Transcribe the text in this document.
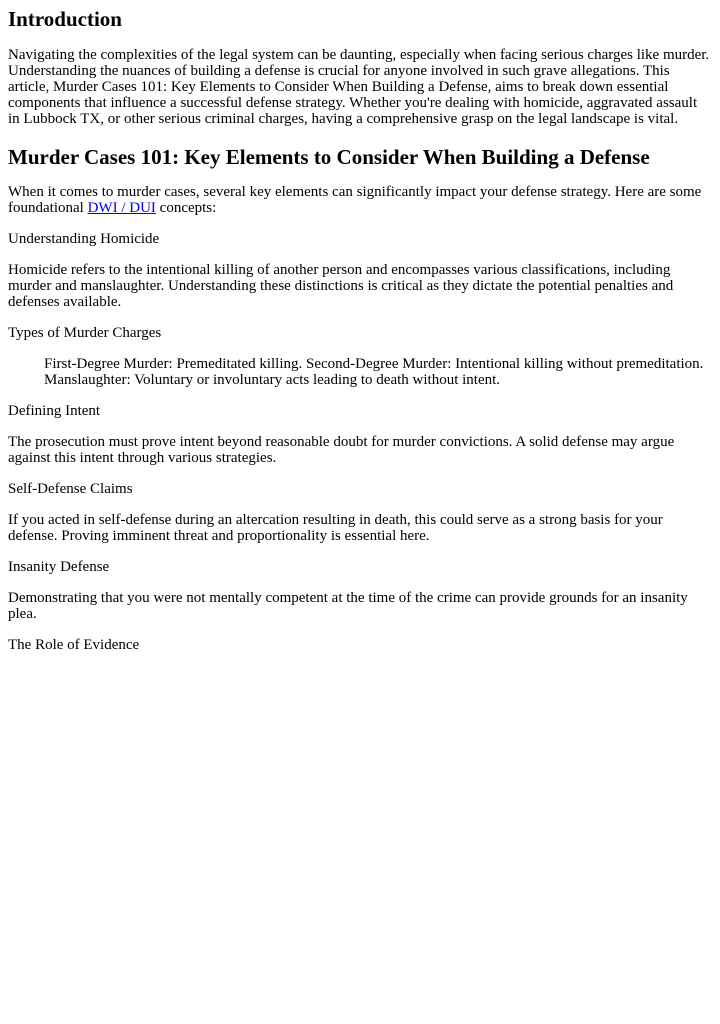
Introduction

Navigating the complexities of the legal system can be daunting, especially when facing serious charges like murder. Understanding the nuances of building a defense is crucial for anyone involved in such grave allegations. This article, Murder Cases 101: Key Elements to Consider When Building a Defense, aims to break down essential components that influence a successful defense strategy. Whether you're dealing with homicide, aggravated assault in Lubbock TX, or other serious criminal charges, having a comprehensive grasp on the legal landscape is vital.

Murder Cases 101: Key Elements to Consider When Building a Defense

When it comes to murder cases, several key elements can significantly impact your defense strategy. Here are some foundational DWI / DUI concepts:

Understanding Homicide

Homicide refers to the intentional killing of another person and encompasses various classifications, including murder and manslaughter. Understanding these distinctions is critical as they dictate the potential penalties and defenses available.

Types of Murder Charges

First-Degree Murder: Premeditated killing. Second-Degree Murder: Intentional killing without premeditation. Manslaughter: Voluntary or involuntary acts leading to death without intent.

Defining Intent

The prosecution must prove intent beyond reasonable doubt for murder convictions. A solid defense may argue against this intent through various strategies.

Self-Defense Claims

If you acted in self-defense during an altercation resulting in death, this could serve as a strong basis for your defense. Proving imminent threat and proportionality is essential here.

Insanity Defense

Demonstrating that you were not mentally competent at the time of the crime can provide grounds for an insanity plea.

The Role of Evidence
